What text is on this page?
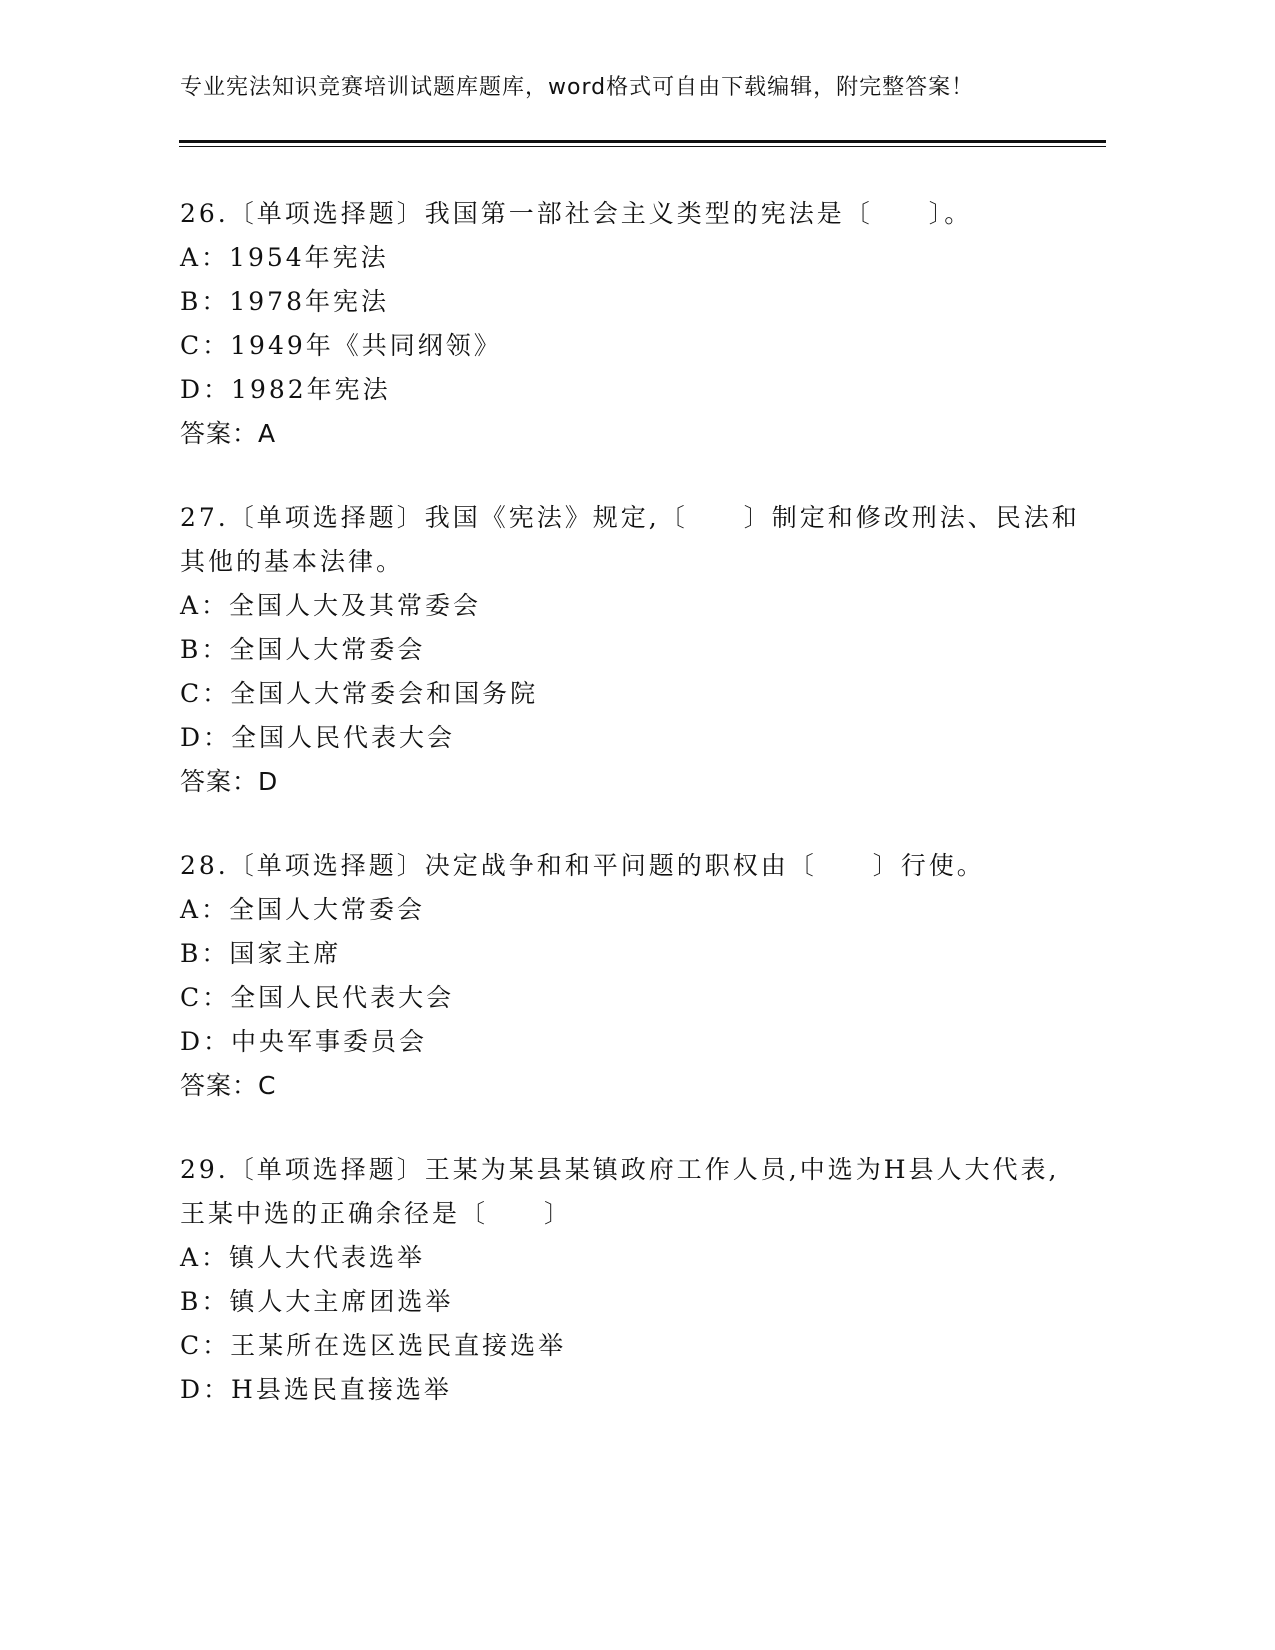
专业宪法知识竞赛培训试题库题库，word格式可自由下载编辑，附完整答案！
26.〔单项选择题〕我国第一部社会主义类型的宪法是〔　　〕。
A：1954年宪法
B：1978年宪法
C：1949年《共同纲领》
D：1982年宪法
答案：A
27.〔单项选择题〕我国《宪法》规定,〔　　〕制定和修改刑法、民法和其他的基本法律。
A：全国人大及其常委会
B：全国人大常委会
C：全国人大常委会和国务院
D：全国人民代表大会
答案：D
28.〔单项选择题〕决定战争和和平问题的职权由〔　　〕行使。
A：全国人大常委会
B：国家主席
C：全国人民代表大会
D：中央军事委员会
答案：C
29.〔单项选择题〕王某为某县某镇政府工作人员,中选为H县人大代表,王某中选的正确余径是〔　　〕
A：镇人大代表选举
B：镇人大主席团选举
C：王某所在选区选民直接选举
D：H县选民直接选举
